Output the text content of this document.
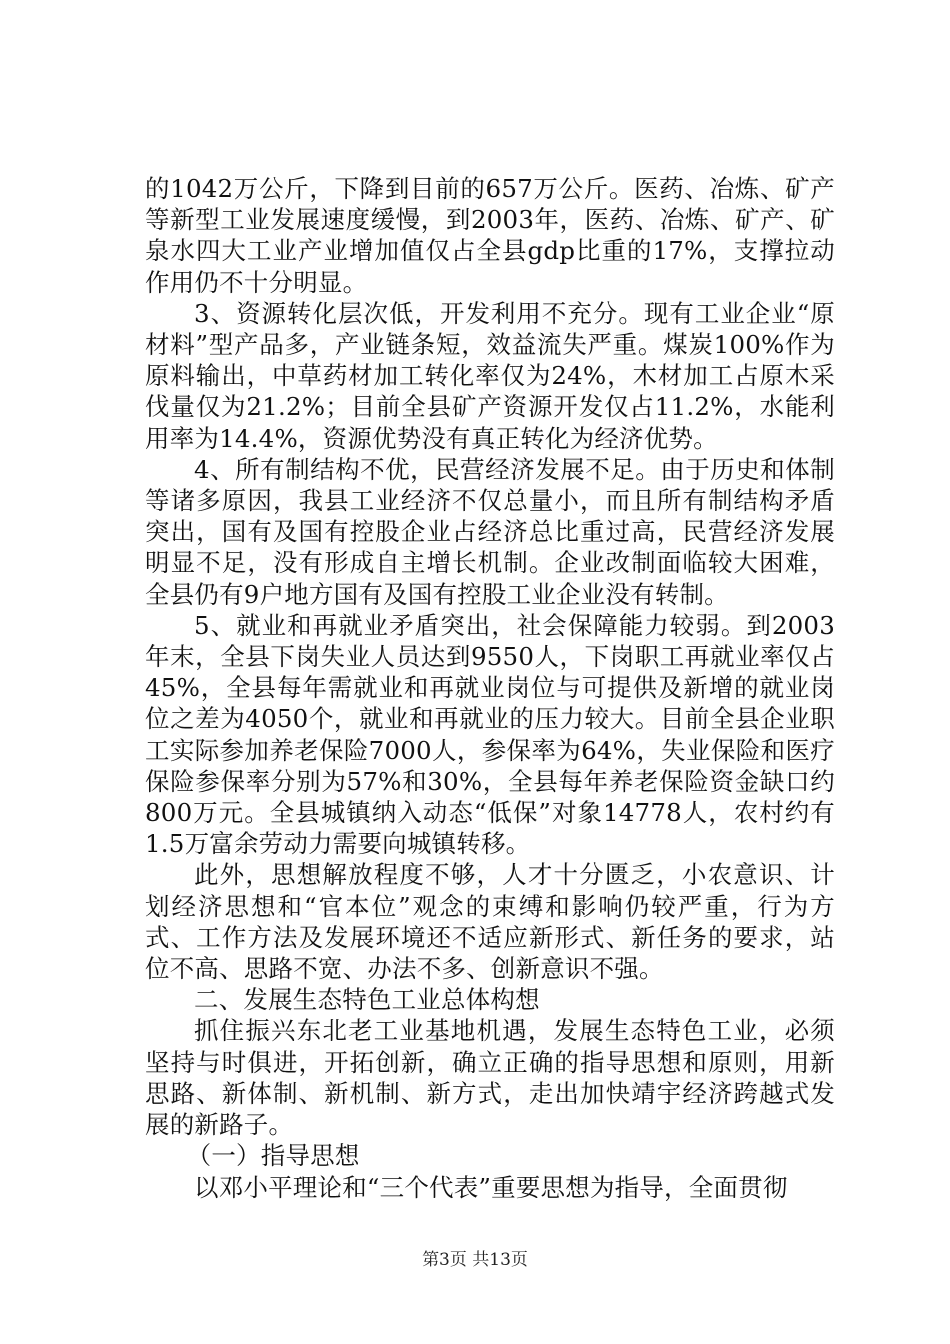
的1042万公斤，下降到目前的657万公斤。医药、冶炼、矿产等新型工业发展速度缓慢，到2003年，医药、冶炼、矿产、矿泉水四大工业产业增加值仅占全县gdp比重的17%，支撑拉动作用仍不十分明显。

3、资源转化层次低，开发利用不充分。现有工业企业“原材料”型产品多，产业链条短，效益流失严重。煤炭100%作为原料输出，中草药材加工转化率仅为24%，木材加工占原木采伐量仅为21.2%；目前全县矿产资源开发仅占11.2%，水能利用率为14.4%，资源优势没有真正转化为经济优势。

4、所有制结构不优，民营经济发展不足。由于历史和体制等诸多原因，我县工业经济不仅总量小，而且所有制结构矛盾突出，国有及国有控股企业占经济总比重过高，民营经济发展明显不足，没有形成自主增长机制。企业改制面临较大困难，全县仍有9户地方国有及国有控股工业企业没有转制。

5、就业和再就业矛盾突出，社会保障能力较弱。到2003年末，全县下岗失业人员达到9550人，下岗职工再就业率仅占45%，全县每年需就业和再就业岗位与可提供及新增的就业岗位之差为4050个，就业和再就业的压力较大。目前全县企业职工实际参加养老保险7000人，参保率为64%，失业保险和医疗保险参保率分别为57%和30%，全县每年养老保险资金缺口约800万元。全县城镇纳入动态“低保”对象14778人，农村约有1.5万富余劳动力需要向城镇转移。

此外，思想解放程度不够，人才十分匮乏，小农意识、计划经济思想和“官本位”观念的束缚和影响仍较严重，行为方式、工作方法及发展环境还不适应新形式、新任务的要求，站位不高、思路不宽、办法不多、创新意识不强。

二、发展生态特色工业总体构想

抓住振兴东北老工业基地机遇，发展生态特色工业，必须坚持与时俱进，开拓创新，确立正确的指导思想和原则，用新思路、新体制、新机制、新方式，走出加快靖宇经济跨越式发展的新路子。

（一）指导思想

以邓小平理论和“三个代表”重要思想为指导，全面贯彻

第3页 共13页
